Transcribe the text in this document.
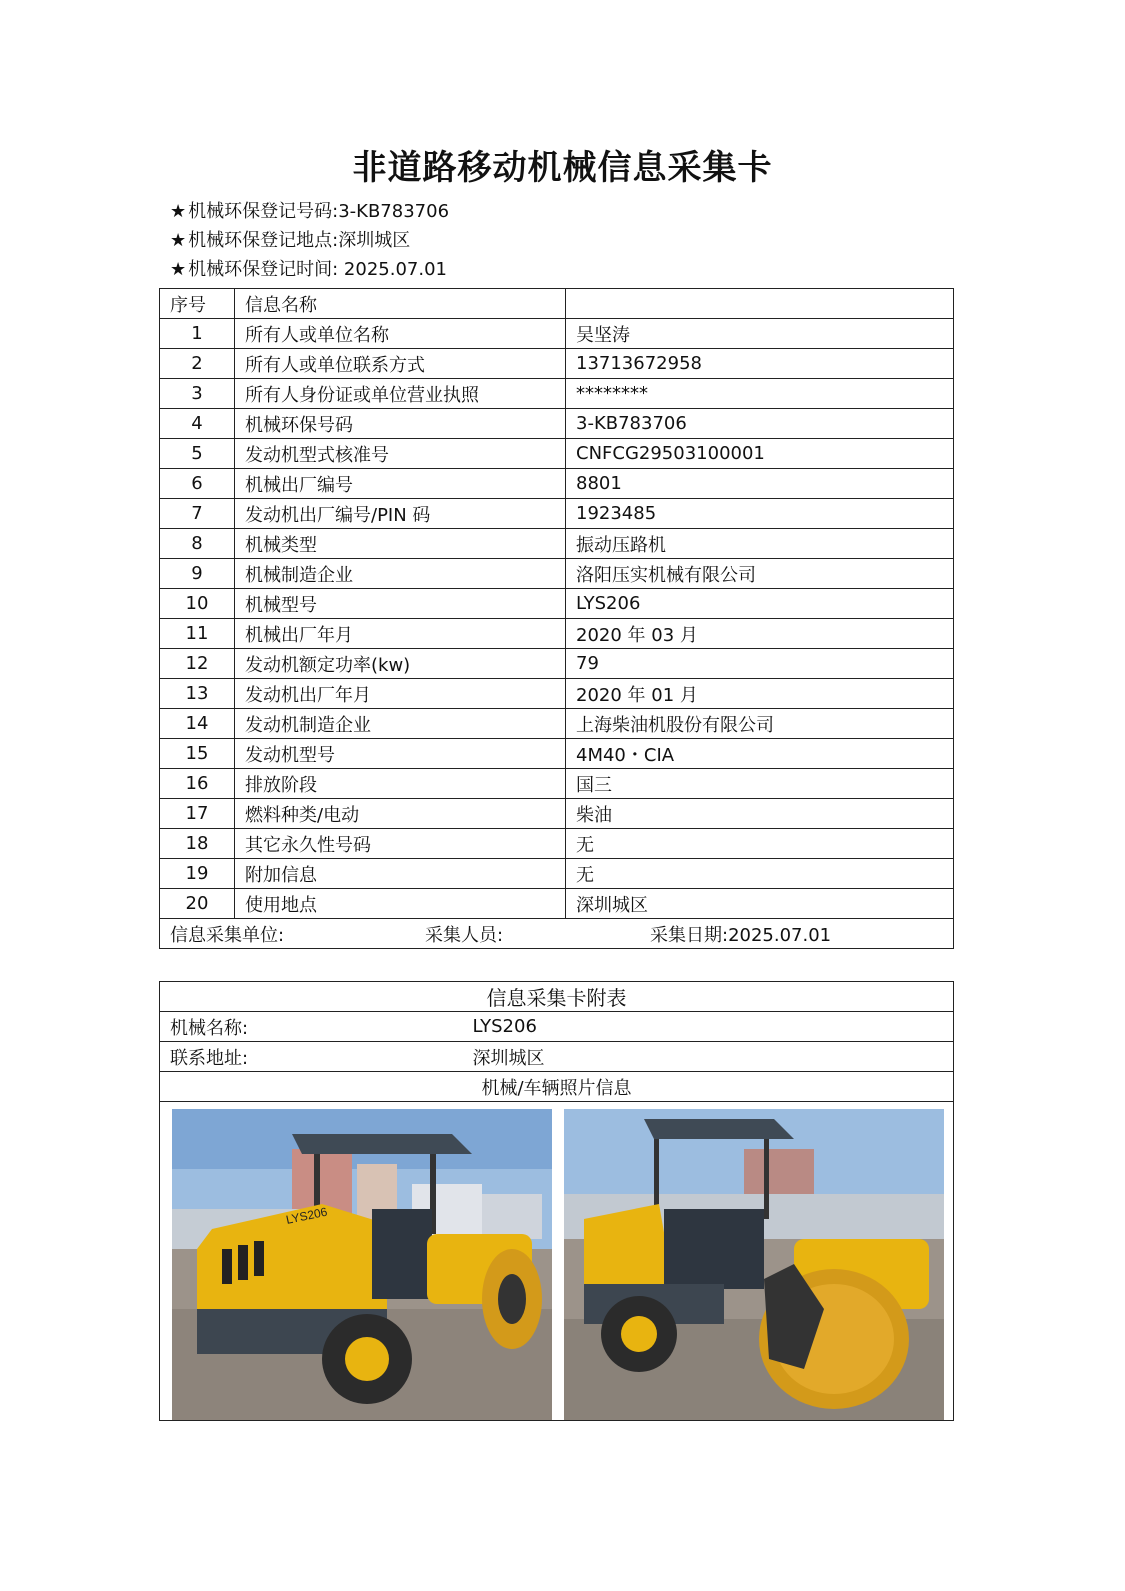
非道路移动机械信息采集卡
★ 机械环保登记号码:3-KB783706
★ 机械环保登记地点:深圳城区
★ 机械环保登记时间: 2025.07.01
序号	信息名称	
1	所有人或单位名称	吴坚涛
2	所有人或单位联系方式	13713672958
3	所有人身份证或单位营业执照	********
4	机械环保号码	3-KB783706
5	发动机型式核准号	CNFCG29503100001
6	机械出厂编号	8801
7	发动机出厂编号/PIN 码	1923485
8	机械类型	振动压路机
9	机械制造企业	洛阳压实机械有限公司
10	机械型号	LYS206
11	机械出厂年月	2020 年 03 月
12	发动机额定功率(kw)	79
13	发动机出厂年月	2020 年 01 月
14	发动机制造企业	上海柴油机股份有限公司
15	发动机型号	4M40・CIA
16	排放阶段	国三
17	燃料种类/电动	柴油
18	其它永久性号码	无
19	附加信息	无
20	使用地点	深圳城区
信息采集单位: 采集人员: 采集日期:2025.07.01		
信息采集卡附表	
机械名称:	LYS206
联系地址:	深圳城区
机械/车辆照片信息	

LYS206	
